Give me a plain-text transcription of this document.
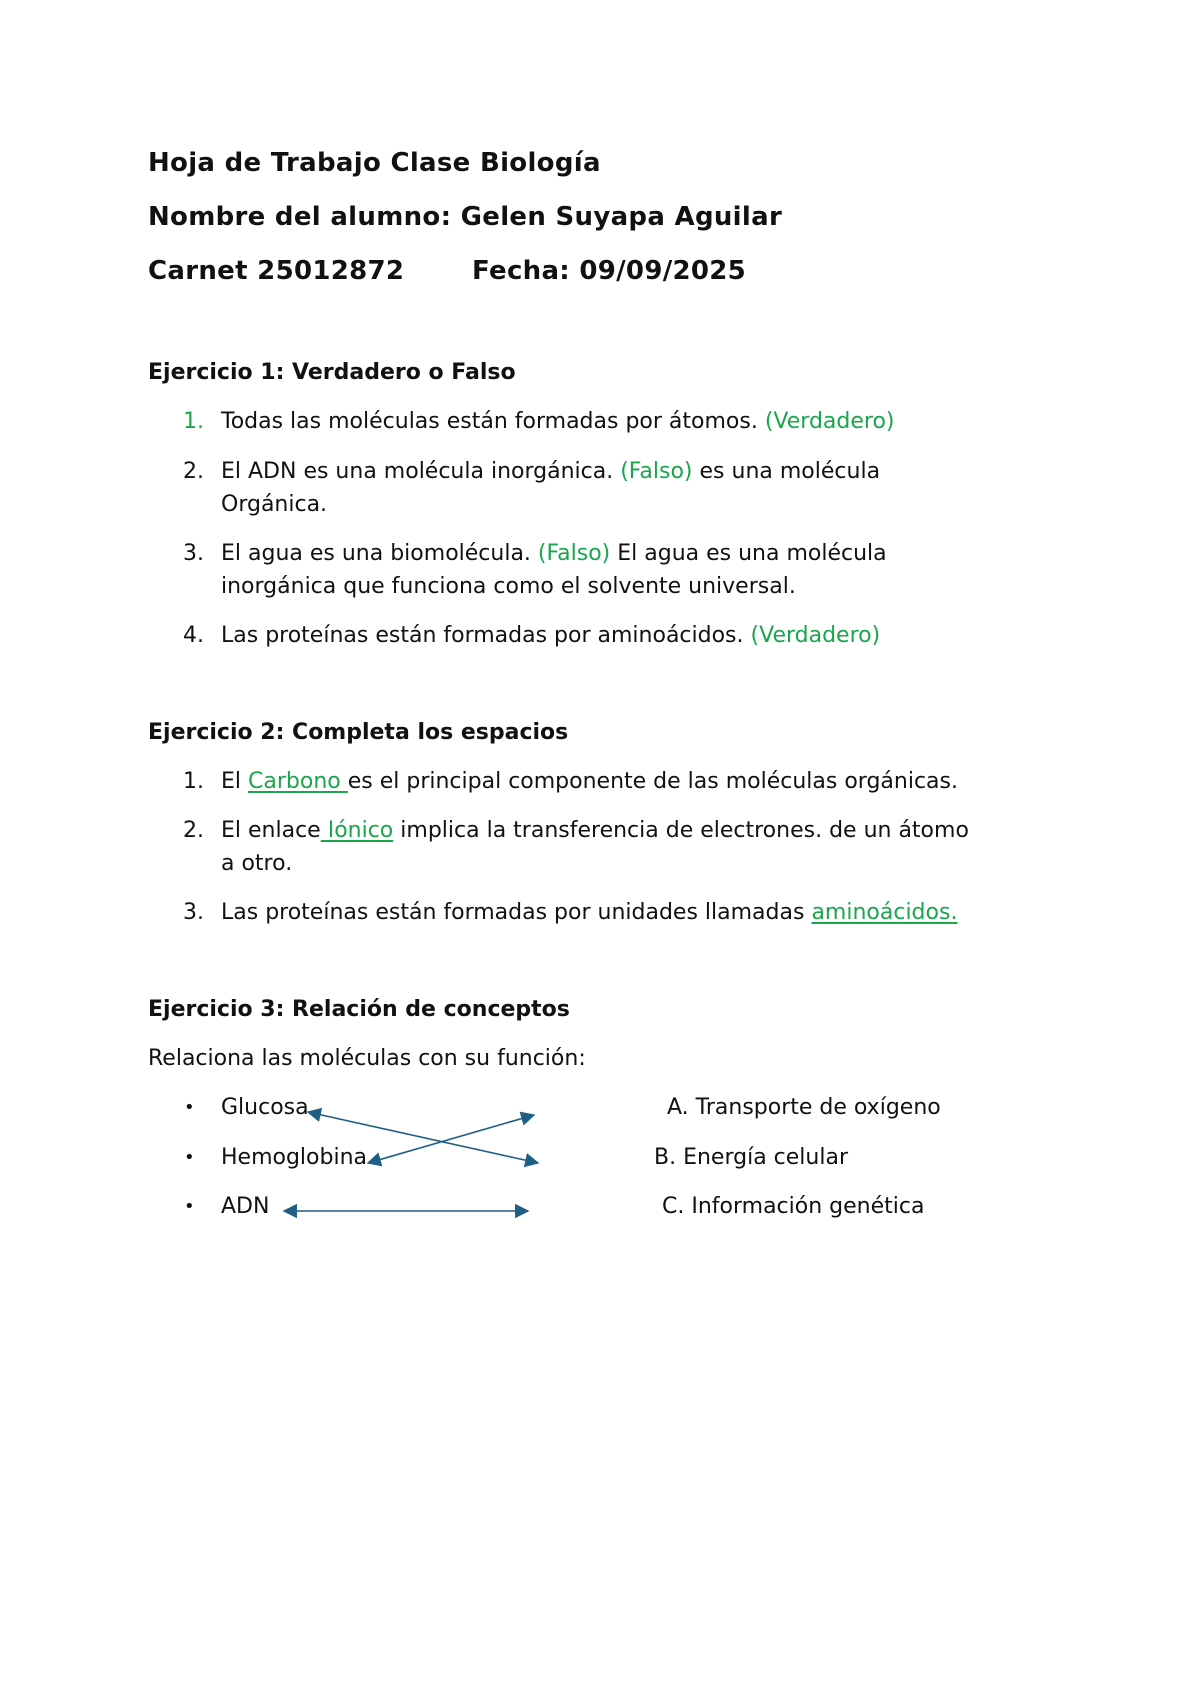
Hoja de Trabajo Clase Biología
Nombre del alumno: Gelen Suyapa Aguilar
Carnet 25012872	Fecha: 09/09/2025
Ejercicio 1: Verdadero o Falso
1. Todas las moléculas están formadas por átomos. (Verdadero)
2. El ADN es una molécula inorgánica. (Falso) es una molécula
Orgánica.
3. El agua es una biomolécula. (Falso) El agua es una molécula
inorgánica que funciona como el solvente universal.
4. Las proteínas están formadas por aminoácidos. (Verdadero)
Ejercicio 2: Completa los espacios
1. El Carbono es el principal componente de las moléculas orgánicas.
2. El enlace Iónico implica la transferencia de electrones. de un átomo
a otro.
3. Las proteínas están formadas por unidades llamadas aminoácidos.
Ejercicio 3: Relación de conceptos
Relaciona las moléculas con su función:
• Glucosa
• Hemoglobina
• ADN
A. Transporte de oxígeno
B. Energía celular
C. Información genética
